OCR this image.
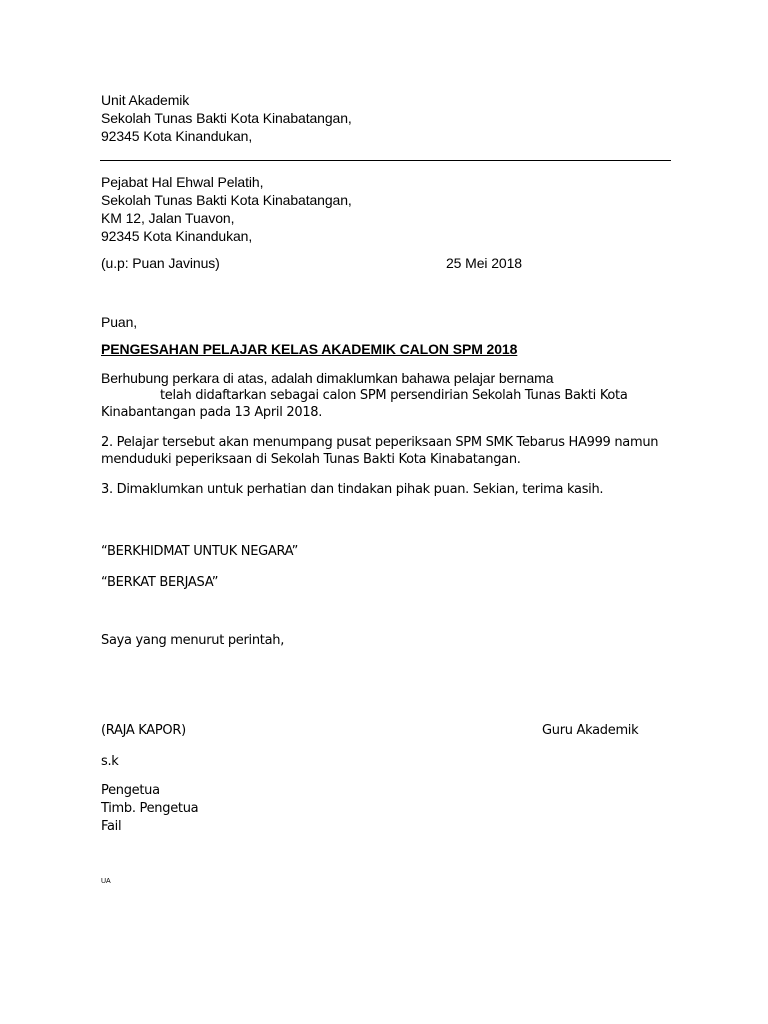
Unit Akademik
Sekolah Tunas Bakti Kota Kinabatangan,
92345 Kota Kinandukan,
Pejabat Hal Ehwal Pelatih,
Sekolah Tunas Bakti Kota Kinabatangan,
KM 12, Jalan Tuavon,
92345 Kota Kinandukan,
(u.p: Puan Javinus)	25 Mei 2018
Puan,
PENGESAHAN PELAJAR KELAS AKADEMIK CALON SPM 2018
Berhubung perkara di atas, adalah dimaklumkan bahawa pelajar bernama
telah didaftarkan sebagai calon SPM persendirian Sekolah Tunas Bakti Kota
Kinabantangan pada 13 April 2018.
2. Pelajar tersebut akan menumpang pusat peperiksaan SPM SMK Tebarus HA999 namun
menduduki peperiksaan di Sekolah Tunas Bakti Kota Kinabatangan.
3. Dimaklumkan untuk perhatian dan tindakan pihak puan. Sekian, terima kasih.
“BERKHIDMAT UNTUK NEGARA”
“BERKAT BERJASA”
Saya yang menurut perintah,
(RAJA KAPOR)	Guru Akademik
s.k
Pengetua
Timb. Pengetua
Fail
UA
